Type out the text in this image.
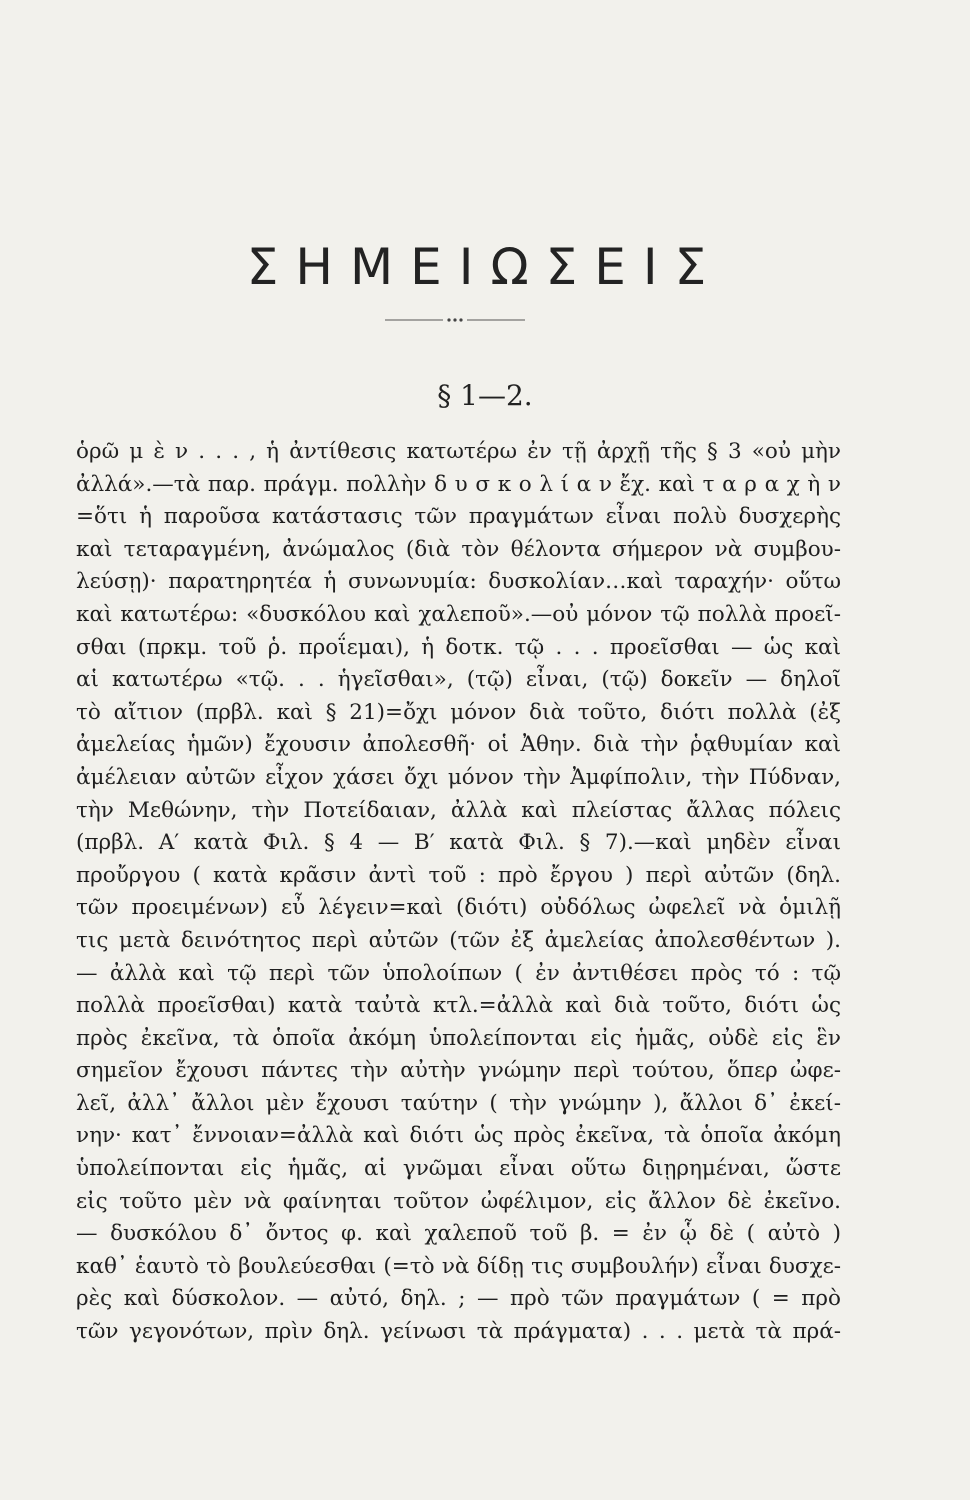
ΣΗΜΕΙΩΣΕΙΣ
§ 1—2.
ὁρῶ μ ὲ ν . . . , ἡ ἀντίθεσις κατωτέρω ἐν τῇ ἀρχῇ τῆς § 3 «οὐ μὴν
ἀλλά».—τὰ παρ. πράγμ. πολλὴν δ υ σ κ ο λ ί α ν ἔχ. καὶ τ α ρ α χ ὴ ν
=ὅτι ἡ παροῦσα κατάστασις τῶν πραγμάτων εἶναι πολὺ δυσχερὴς
καὶ τεταραγμένη, ἀνώμαλος (διὰ τὸν θέλοντα σήμερον νὰ συμβου-
λεύσῃ)· παρατηρητέα ἡ συνωνυμία: δυσκολίαν…καὶ ταραχήν· οὕτω
καὶ κατωτέρω: «δυσκόλου καὶ χαλεποῦ».—οὐ μόνον τῷ πολλὰ προεῖ-
σθαι (πρκμ. τοῦ ῥ. προΐεμαι), ἡ δοτκ. τῷ . . . προεῖσθαι — ὡς καὶ
αἱ κατωτέρω «τῷ. . . ἡγεῖσθαι», (τῷ) εἶναι, (τῷ) δοκεῖν — δηλοῖ
τὸ αἴτιον (πρβλ. καὶ § 21)=ὄχι μόνον διὰ τοῦτο, διότι πολλὰ (ἐξ
ἀμελείας ἡμῶν) ἔχουσιν ἀπολεσθῆ· οἱ Ἀθην. διὰ τὴν ῥᾳθυμίαν καὶ
ἀμέλειαν αὐτῶν εἶχον χάσει ὄχι μόνον τὴν Ἀμφίπολιν, τὴν Πύδναν,
τὴν Μεθώνην, τὴν Ποτείδαιαν, ἀλλὰ καὶ πλείστας ἄλλας πόλεις
(πρβλ. Α′ κατὰ Φιλ. § 4 — Β′ κατὰ Φιλ. § 7).—καὶ μηδὲν εἶναι
προὔργου ( κατὰ κρᾶσιν ἀντὶ τοῦ : πρὸ ἔργου ) περὶ αὐτῶν (δηλ.
τῶν προειμένων) εὖ λέγειν=καὶ (διότι) οὐδόλως ὠφελεῖ νὰ ὁμιλῇ
τις μετὰ δεινότητος περὶ αὐτῶν (τῶν ἐξ ἀμελείας ἀπολεσθέντων ).
— ἀλλὰ καὶ τῷ περὶ τῶν ὑπολοίπων ( ἐν ἀντιθέσει πρὸς τό : τῷ
πολλὰ προεῖσθαι) κατὰ ταὐτὰ κτλ.=ἀλλὰ καὶ διὰ τοῦτο, διότι ὡς
πρὸς ἐκεῖνα, τὰ ὁποῖα ἀκόμη ὑπολείπονται εἰς ἡμᾶς, οὐδὲ εἰς ἓν
σημεῖον ἔχουσι πάντες τὴν αὐτὴν γνώμην περὶ τούτου, ὅπερ ὠφε-
λεῖ, ἀλλ᾿ ἄλλοι μὲν ἔχουσι ταύτην ( τὴν γνώμην ), ἄλλοι δ᾿ ἐκεί-
νην· κατ᾿ ἔννοιαν=ἀλλὰ καὶ διότι ὡς πρὸς ἐκεῖνα, τὰ ὁποῖα ἀκόμη
ὑπολείπονται εἰς ἡμᾶς, αἱ γνῶμαι εἶναι οὕτω διῃρημέναι, ὥστε
εἰς τοῦτο μὲν νὰ φαίνηται τοῦτον ὠφέλιμον, εἰς ἄλλον δὲ ἐκεῖνο.
— δυσκόλου δ᾿ ὄντος φ. καὶ χαλεποῦ τοῦ β. = ἐν ᾧ δὲ ( αὐτὸ )
καθ᾿ ἑαυτὸ τὸ βουλεύεσθαι (=τὸ νὰ δίδῃ τις συμβουλήν) εἶναι δυσχε-
ρὲς καὶ δύσκολον. — αὐτό, δηλ. ; — πρὸ τῶν πραγμάτων ( = πρὸ
τῶν γεγονότων, πρὶν δηλ. γείνωσι τὰ πράγματα) . . . μετὰ τὰ πρά-
